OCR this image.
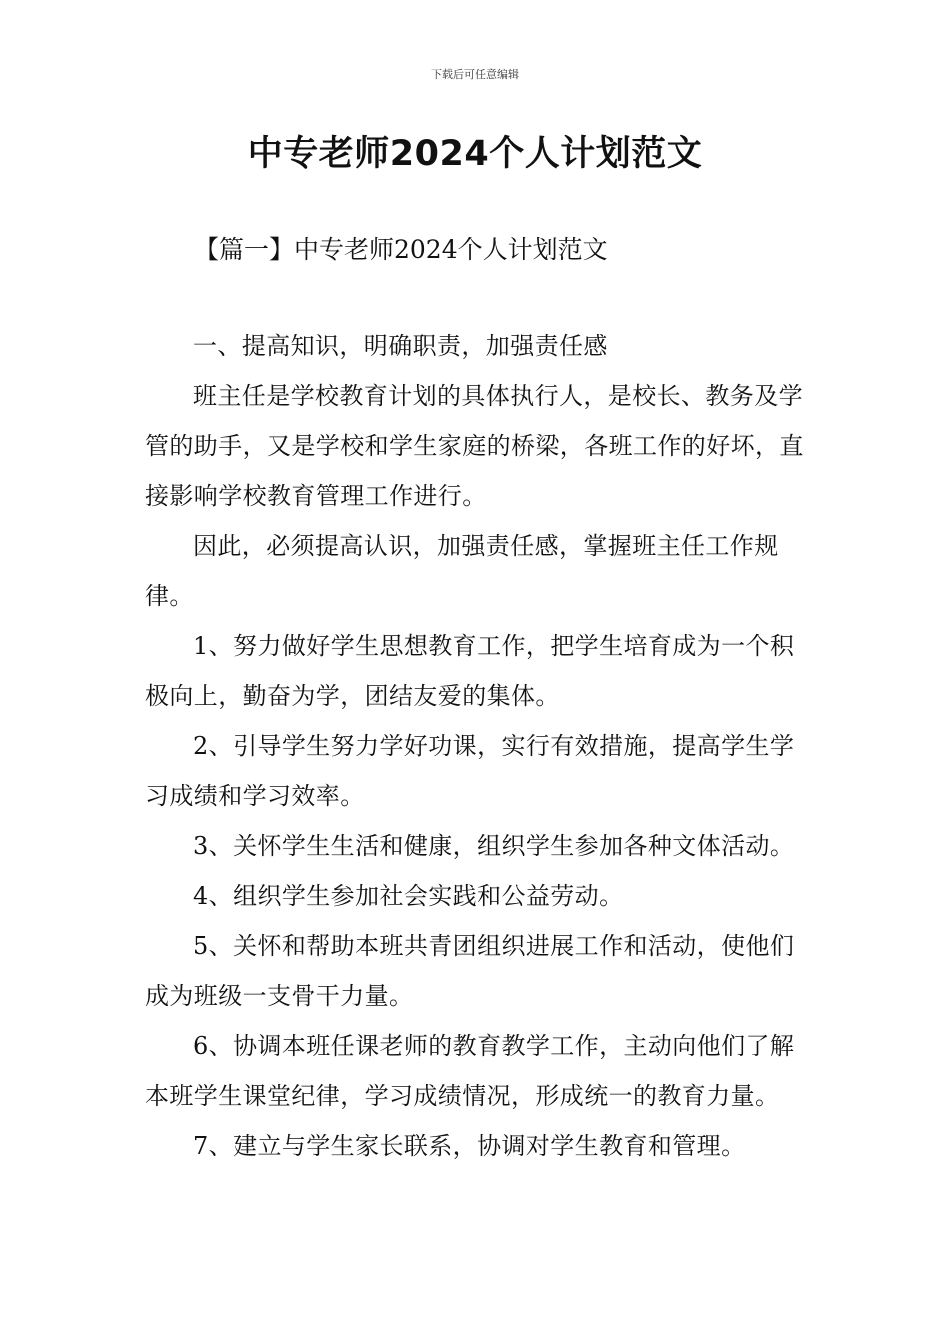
下载后可任意编辑
中专老师2024个人计划范文
【篇一】中专老师2024个人计划范文

一、提高知识，明确职责，加强责任感

班主任是学校教育计划的具体执行人，是校长、教务及学管的助手，又是学校和学生家庭的桥梁，各班工作的好坏，直接影响学校教育管理工作进行。

因此，必须提高认识，加强责任感，掌握班主任工作规律。

1、努力做好学生思想教育工作，把学生培育成为一个积极向上，勤奋为学，团结友爱的集体。

2、引导学生努力学好功课，实行有效措施，提高学生学习成绩和学习效率。

3、关怀学生生活和健康，组织学生参加各种文体活动。

4、组织学生参加社会实践和公益劳动。

5、关怀和帮助本班共青团组织进展工作和活动，使他们成为班级一支骨干力量。

6、协调本班任课老师的教育教学工作，主动向他们了解本班学生课堂纪律，学习成绩情况，形成统一的教育力量。

7、建立与学生家长联系，协调对学生教育和管理。
